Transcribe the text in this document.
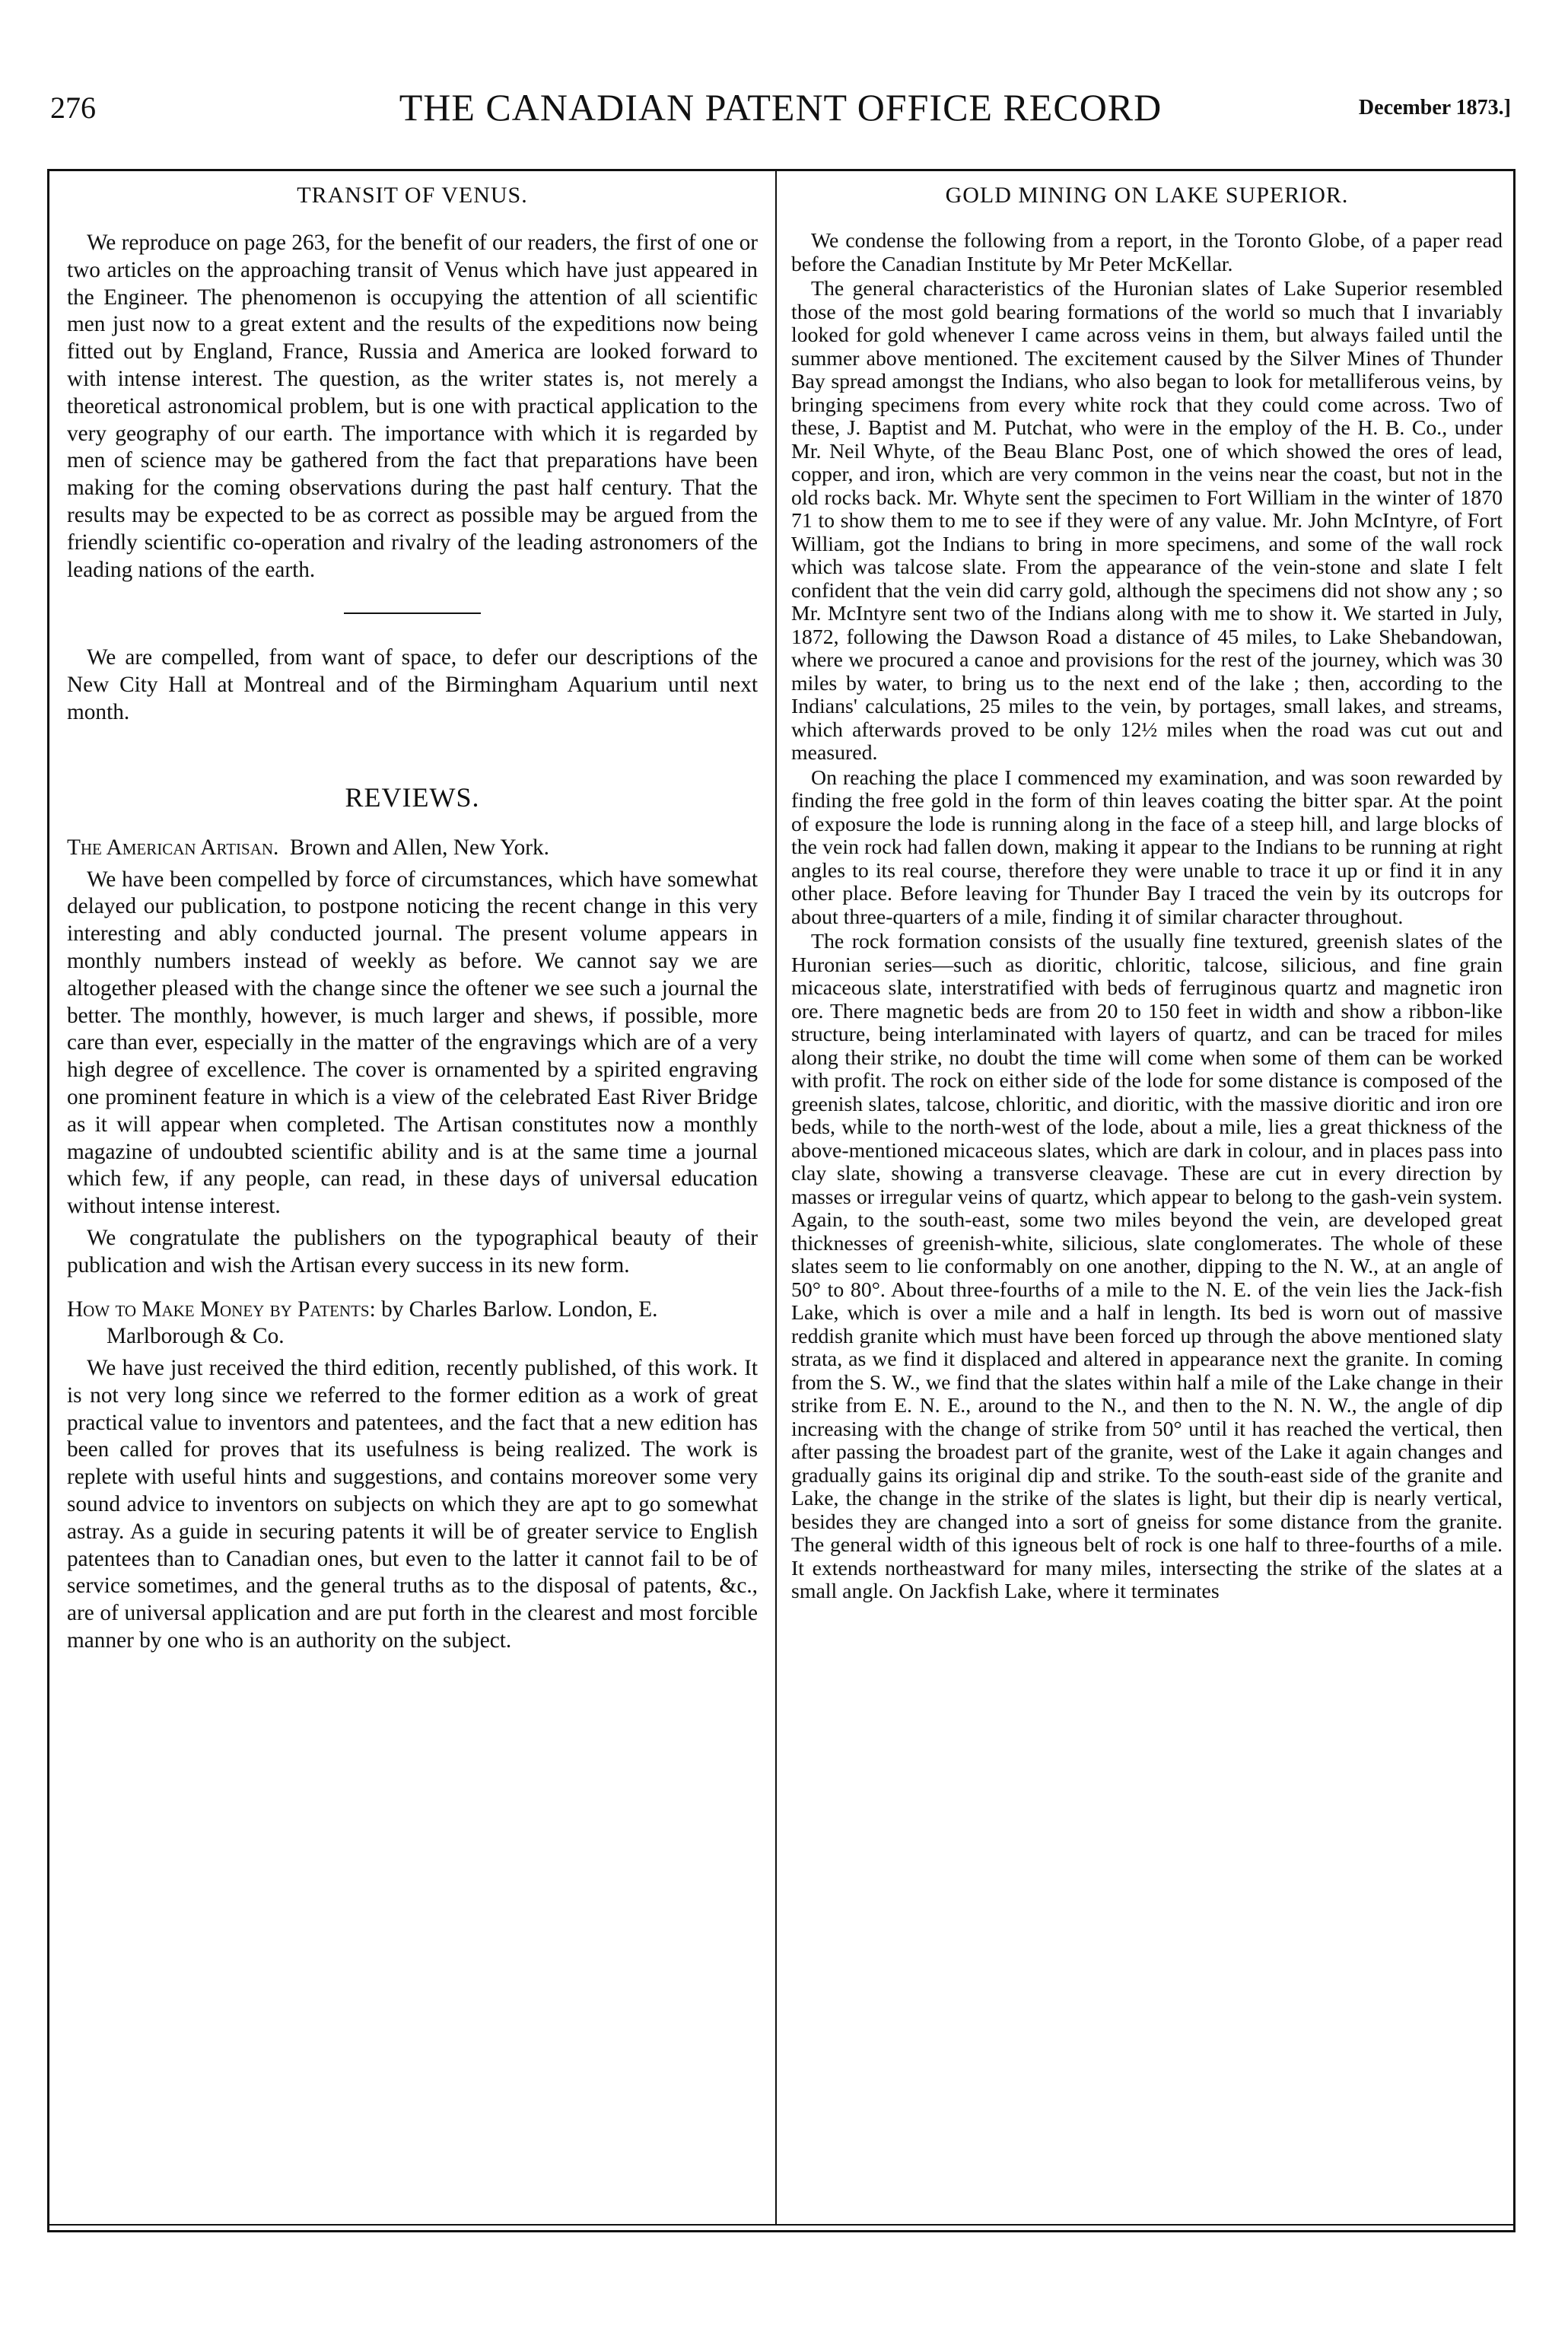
276	THE CANADIAN PATENT OFFICE RECORD	December 1873.]
TRANSIT OF VENUS.

We reproduce on page 263, for the benefit of our readers, the first of one or two articles on the approaching transit of Venus which have just appeared in the Engineer. The phenomenon is occupying the attention of all scientific men just now to a great extent and the results of the expeditions now being fitted out by England, France, Russia and America are looked forward to with intense interest. The question, as the writer states is, not merely a theoretical astronomical problem, but is one with practical application to the very geography of our earth. The importance with which it is regarded by men of science may be gathered from the fact that preparations have been making for the coming observations during the past half century. That the results may be expected to be as correct as possible may be argued from the friendly scientific co-operation and rivalry of the leading astronomers of the leading nations of the earth.

We are compelled, from want of space, to defer our descriptions of the New City Hall at Montreal and of the Birmingham Aquarium until next month.

REVIEWS.

The American Artisan. Brown and Allen, New York.

We have been compelled by force of circumstances, which have somewhat delayed our publication, to postpone noticing the recent change in this very interesting and ably conducted journal. The present volume appears in monthly numbers instead of weekly as before. We cannot say we are altogether pleased with the change since the oftener we see such a journal the better. The monthly, however, is much larger and shews, if possible, more care than ever, especially in the matter of the engravings which are of a very high degree of excellence. The cover is ornamented by a spirited engraving one prominent feature in which is a view of the celebrated East River Bridge as it will appear when completed. The Artisan constitutes now a monthly magazine of undoubted scientific ability and is at the same time a journal which few, if any people, can read, in these days of universal education without intense interest.

We congratulate the publishers on the typographical beauty of their publication and wish the Artisan every success in its new form.

How to Make Money by Patents: by Charles Barlow. London, E. Marlborough & Co.

We have just received the third edition, recently published, of this work. It is not very long since we referred to the former edition as a work of great practical value to inventors and patentees, and the fact that a new edition has been called for proves that its usefulness is being realized. The work is replete with useful hints and suggestions, and contains moreover some very sound advice to inventors on subjects on which they are apt to go somewhat astray. As a guide in securing patents it will be of greater service to English patentees than to Canadian ones, but even to the latter it cannot fail to be of service sometimes, and the general truths as to the disposal of patents, &c., are of universal application and are put forth in the clearest and most forcible manner by one who is an authority on the subject.

GOLD MINING ON LAKE SUPERIOR.

We condense the following from a report, in the Toronto Globe, of a paper read before the Canadian Institute by Mr Peter McKellar.

The general characteristics of the Huronian slates of Lake Superior resembled those of the most gold bearing formations of the world so much that I invariably looked for gold whenever I came across veins in them, but always failed until the summer above mentioned. The excitement caused by the Silver Mines of Thunder Bay spread amongst the Indians, who also began to look for metalliferous veins, by bringing specimens from every white rock that they could come across. Two of these, J. Baptist and M. Putchat, who were in the employ of the H. B. Co., under Mr. Neil Whyte, of the Beau Blanc Post, one of which showed the ores of lead, copper, and iron, which are very common in the veins near the coast, but not in the old rocks back. Mr. Whyte sent the specimen to Fort William in the winter of 1870 71 to show them to me to see if they were of any value. Mr. John McIntyre, of Fort William, got the Indians to bring in more specimens, and some of the wall rock which was talcose slate. From the appearance of the vein-stone and slate I felt confident that the vein did carry gold, although the specimens did not show any ; so Mr. McIntyre sent two of the Indians along with me to show it. We started in July, 1872, following the Dawson Road a distance of 45 miles, to Lake Shebandowan, where we procured a canoe and provisions for the rest of the journey, which was 30 miles by water, to bring us to the next end of the lake ; then, according to the Indians' calculations, 25 miles to the vein, by portages, small lakes, and streams, which afterwards proved to be only 12½ miles when the road was cut out and measured.

On reaching the place I commenced my examination, and was soon rewarded by finding the free gold in the form of thin leaves coating the bitter spar. At the point of exposure the lode is running along in the face of a steep hill, and large blocks of the vein rock had fallen down, making it appear to the Indians to be running at right angles to its real course, therefore they were unable to trace it up or find it in any other place. Before leaving for Thunder Bay I traced the vein by its outcrops for about three-quarters of a mile, finding it of similar character throughout.

The rock formation consists of the usually fine textured, greenish slates of the Huronian series—such as dioritic, chloritic, talcose, silicious, and fine grain micaceous slate, interstratified with beds of ferruginous quartz and magnetic iron ore. There magnetic beds are from 20 to 150 feet in width and show a ribbon-like structure, being interlaminated with layers of quartz, and can be traced for miles along their strike, no doubt the time will come when some of them can be worked with profit. The rock on either side of the lode for some distance is composed of the greenish slates, talcose, chloritic, and dioritic, with the massive dioritic and iron ore beds, while to the north-west of the lode, about a mile, lies a great thickness of the above-mentioned micaceous slates, which are dark in colour, and in places pass into clay slate, showing a transverse cleavage. These are cut in every direction by masses or irregular veins of quartz, which appear to belong to the gash-vein system. Again, to the south-east, some two miles beyond the vein, are developed great thicknesses of greenish-white, silicious, slate conglomerates. The whole of these slates seem to lie conformably on one another, dipping to the N. W., at an angle of 50° to 80°. About three-fourths of a mile to the N. E. of the vein lies the Jack-fish Lake, which is over a mile and a half in length. Its bed is worn out of massive reddish granite which must have been forced up through the above mentioned slaty strata, as we find it displaced and altered in appearance next the granite. In coming from the S. W., we find that the slates within half a mile of the Lake change in their strike from E. N. E., around to the N., and then to the N. N. W., the angle of dip increasing with the change of strike from 50° until it has reached the vertical, then after passing the broadest part of the granite, west of the Lake it again changes and gradually gains its original dip and strike. To the south-east side of the granite and Lake, the change in the strike of the slates is light, but their dip is nearly vertical, besides they are changed into a sort of gneiss for some distance from the granite. The general width of this igneous belt of rock is one half to three-fourths of a mile. It extends northeastward for many miles, intersecting the strike of the slates at a small angle. On Jackfish Lake, where it terminates
